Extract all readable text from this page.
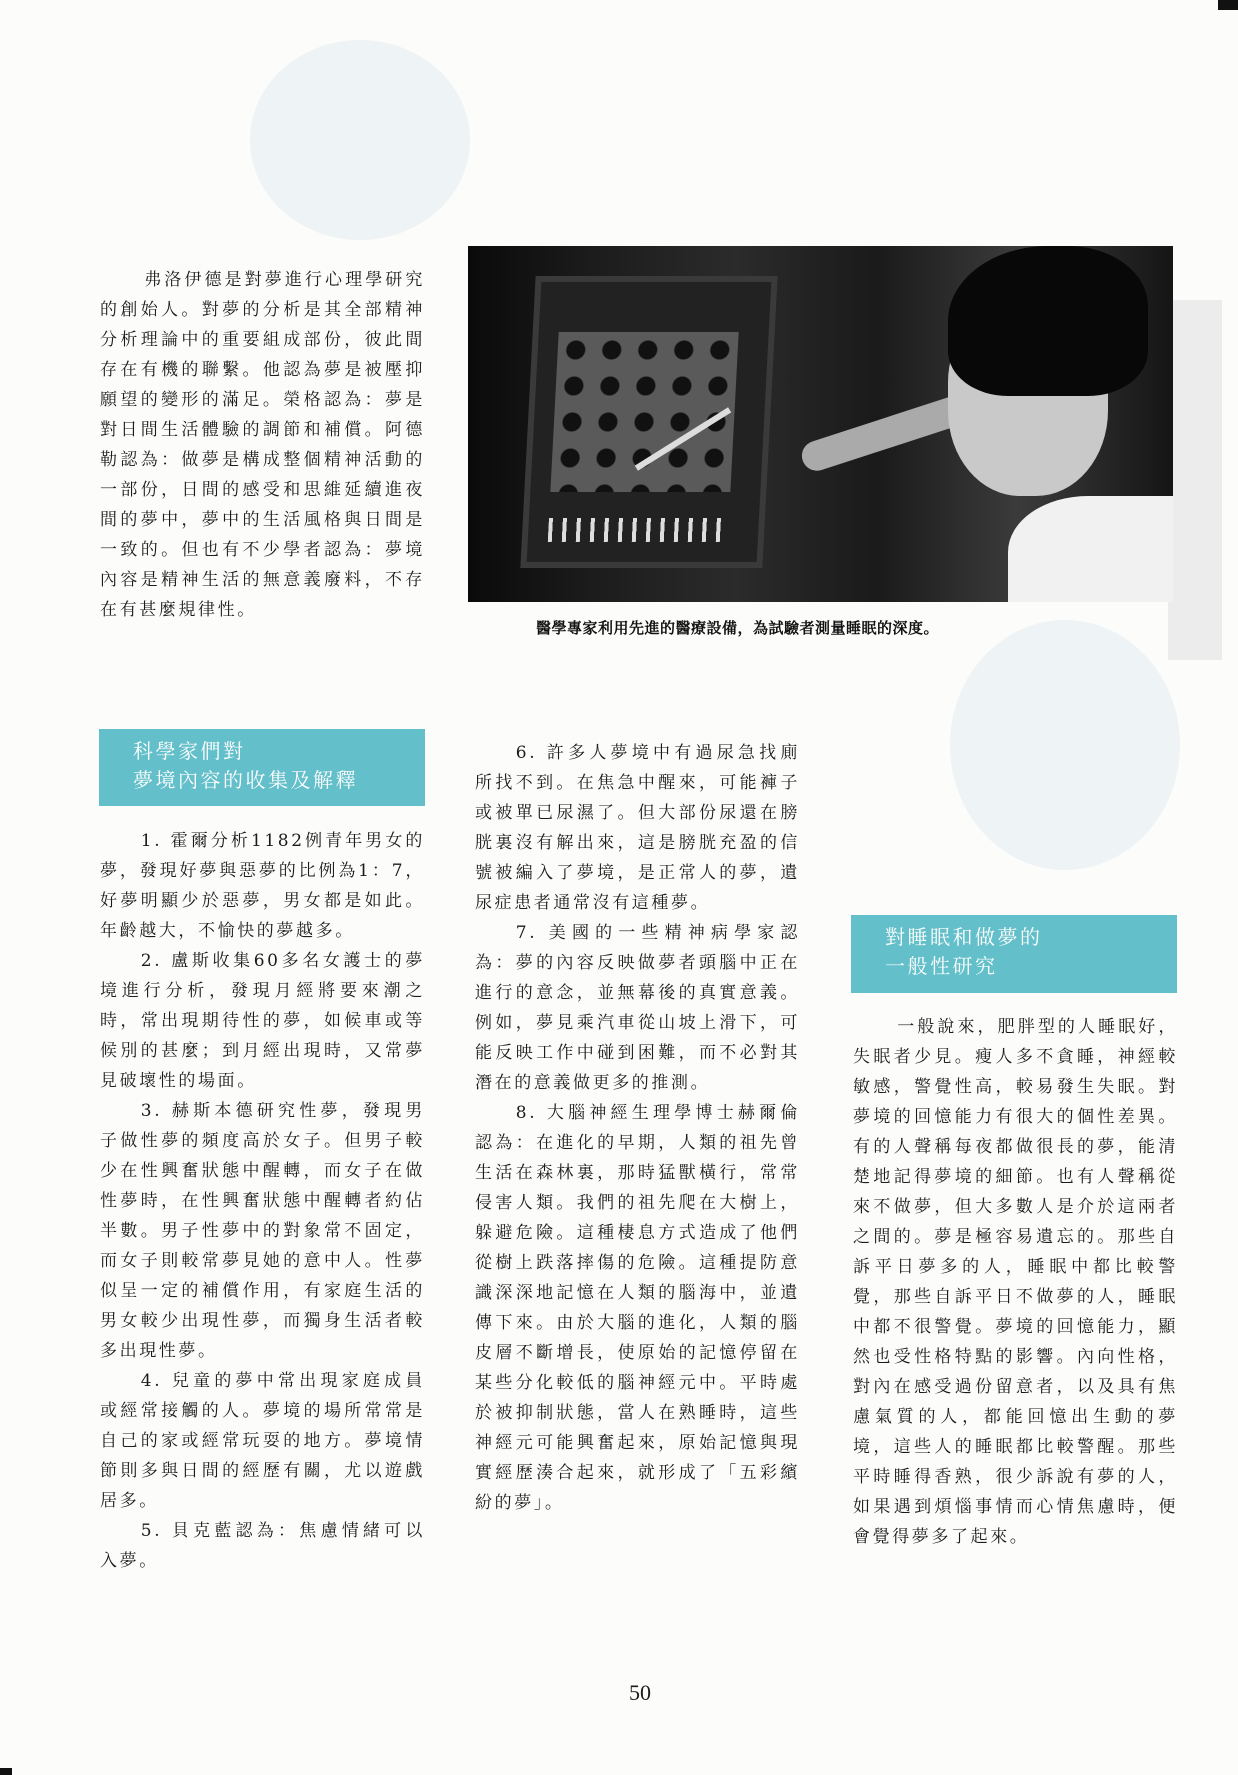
醫學專家利用先進的醫療設備，為試驗者測量睡眠的深度。

弗洛伊德是對夢進行心理學研究的創始人。對夢的分析是其全部精神分析理論中的重要組成部份，彼此間存在有機的聯繫。他認為夢是被壓抑願望的變形的滿足。榮格認為：夢是對日間生活體驗的調節和補償。阿德勒認為：做夢是構成整個精神活動的一部份，日間的感受和思維延續進夜間的夢中，夢中的生活風格與日間是一致的。但也有不少學者認為：夢境內容是精神生活的無意義廢料，不存在有甚麼規律性。

科學家們對
夢境內容的收集及解釋

1. 霍爾分析1182例青年男女的夢，發現好夢與惡夢的比例為1：7，好夢明顯少於惡夢，男女都是如此。年齡越大，不愉快的夢越多。

2. 盧斯收集60多名女護士的夢境進行分析，發現月經將要來潮之時，常出現期待性的夢，如候車或等候別的甚麼；到月經出現時，又常夢見破壞性的場面。

3. 赫斯本德研究性夢，發現男子做性夢的頻度高於女子。但男子較少在性興奮狀態中醒轉，而女子在做性夢時，在性興奮狀態中醒轉者約佔半數。男子性夢中的對象常不固定，而女子則較常夢見她的意中人。性夢似呈一定的補償作用，有家庭生活的男女較少出現性夢，而獨身生活者較多出現性夢。

4. 兒童的夢中常出現家庭成員或經常接觸的人。夢境的場所常常是自己的家或經常玩耍的地方。夢境情節則多與日間的經歷有關，尤以遊戲居多。

5. 貝克藍認為：焦慮情緒可以入夢。

6. 許多人夢境中有過尿急找廁所找不到。在焦急中醒來，可能褲子或被單已尿濕了。但大部份尿還在膀胱裏沒有解出來，這是膀胱充盈的信號被編入了夢境，是正常人的夢，遺尿症患者通常沒有這種夢。

7. 美國的一些精神病學家認為：夢的內容反映做夢者頭腦中正在進行的意念，並無幕後的真實意義。例如，夢見乘汽車從山坡上滑下，可能反映工作中碰到困難，而不必對其潛在的意義做更多的推測。

8. 大腦神經生理學博士赫爾倫認為：在進化的早期，人類的祖先曾生活在森林裏，那時猛獸橫行，常常侵害人類。我們的祖先爬在大樹上，躲避危險。這種棲息方式造成了他們從樹上跌落摔傷的危險。這種提防意識深深地記憶在人類的腦海中，並遺傳下來。由於大腦的進化，人類的腦皮層不斷增長，使原始的記憶停留在某些分化較低的腦神經元中。平時處於被抑制狀態，當人在熟睡時，這些神經元可能興奮起來，原始記憶與現實經歷湊合起來，就形成了「五彩繽紛的夢」。

對睡眠和做夢的
一般性研究

一般說來，肥胖型的人睡眠好，失眠者少見。瘦人多不貪睡，神經較敏感，警覺性高，較易發生失眠。對夢境的回憶能力有很大的個性差異。有的人聲稱每夜都做很長的夢，能清楚地記得夢境的細節。也有人聲稱從來不做夢，但大多數人是介於這兩者之間的。夢是極容易遺忘的。那些自訴平日夢多的人，睡眠中都比較警覺，那些自訴平日不做夢的人，睡眠中都不很警覺。夢境的回憶能力，顯然也受性格特點的影響。內向性格，對內在感受過份留意者，以及具有焦慮氣質的人，都能回憶出生動的夢境，這些人的睡眠都比較警醒。那些平時睡得香熟，很少訴說有夢的人，如果遇到煩惱事情而心情焦慮時，便會覺得夢多了起來。

50
